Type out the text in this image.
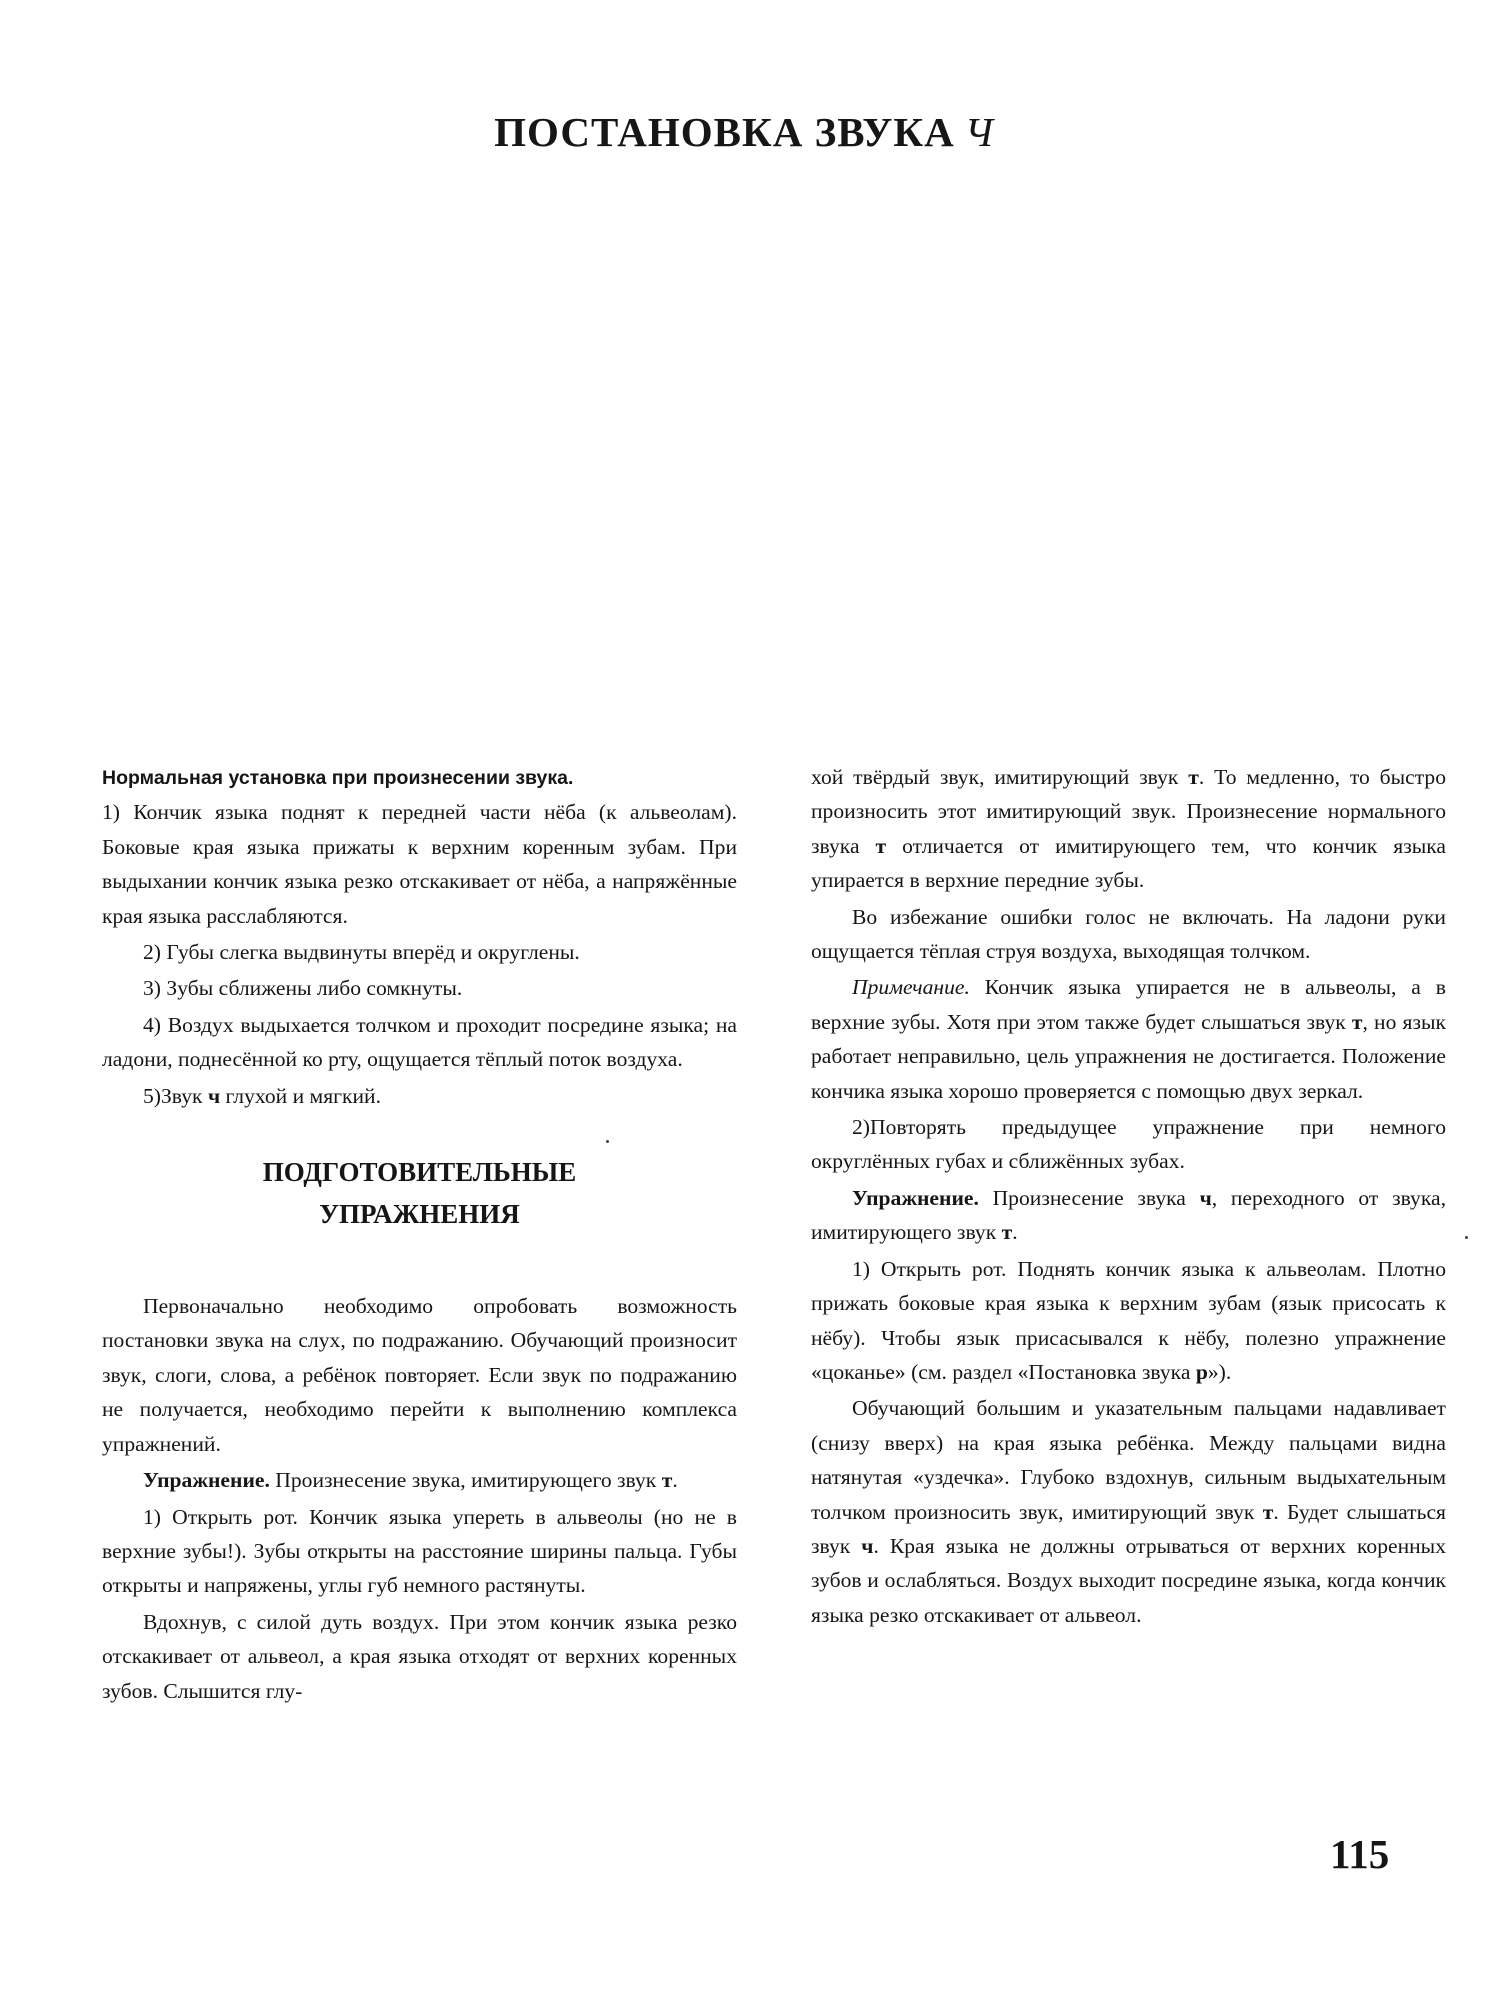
ПОСТАНОВКА ЗВУКА Ч

Нормальная установка при произнесении звука.
1) Кончик языка поднят к передней части нёба (к альвеолам). Боковые края языка прижаты к верхним коренным зубам. При выдыхании кончик языка резко отскакивает от нёба, а напряжённые края языка расслабляются.

2) Губы слегка выдвинуты вперёд и округлены.

3) Зубы сближены либо сомкнуты.

4) Воздух выдыхается толчком и проходит посредине языка; на ладони, поднесённой ко рту, ощущается тёплый поток воздуха.

5)Звук ч глухой и мягкий.

ПОДГОТОВИТЕЛЬНЫЕ
УПРАЖНЕНИЯ

Первоначально необходимо опробовать возможность постановки звука на слух, по подражанию. Обучающий произносит звук, слоги, слова, а ребёнок повторяет. Если звук по подражанию не получается, необходимо перейти к выполнению комплекса упражнений.

Упражнение. Произнесение звука, имитирующего звук т.

1) Открыть рот. Кончик языка упереть в альвеолы (но не в верхние зубы!). Зубы открыты на расстояние ширины пальца. Губы открыты и напряжены, углы губ немного растянуты.

Вдохнув, с силой дуть воздух. При этом кончик языка резко отскакивает от альвеол, а края языка отходят от верхних коренных зубов. Слышится глу-

хой твёрдый звук, имитирующий звук т. То медленно, то быстро произносить этот имитирующий звук. Произнесение нормального звука т отличается от имитирующего тем, что кончик языка упирается в верхние передние зубы.

Во избежание ошибки голос не включать. На ладони руки ощущается тёплая струя воздуха, выходящая толчком.

Примечание. Кончик языка упирается не в альвеолы, а в верхние зубы. Хотя при этом также будет слышаться звук т, но язык работает неправильно, цель упражнения не достигается. Положение кончика языка хорошо проверяется с помощью двух зеркал.

2)Повторять предыдущее упражнение при немного округлённых губах и сближённых зубах.

Упражнение. Произнесение звука ч, переходного от звука, имитирующего звук т.

1) Открыть рот. Поднять кончик языка к альвеолам. Плотно прижать боковые края языка к верхним зубам (язык присосать к нёбу). Чтобы язык присасывался к нёбу, полезно упражнение «цоканье» (см. раздел «Постановка звука р»).

Обучающий большим и указательным пальцами надавливает (снизу вверх) на края языка ребёнка. Между пальцами видна натянутая «уздечка». Глубоко вздохнув, сильным выдыхательным толчком произносить звук, имитирующий звук т. Будет слышаться звук ч. Края языка не должны отрываться от верхних коренных зубов и ослабляться. Воздух выходит посредине языка, когда кончик языка резко отскакивает от альвеол.

115
